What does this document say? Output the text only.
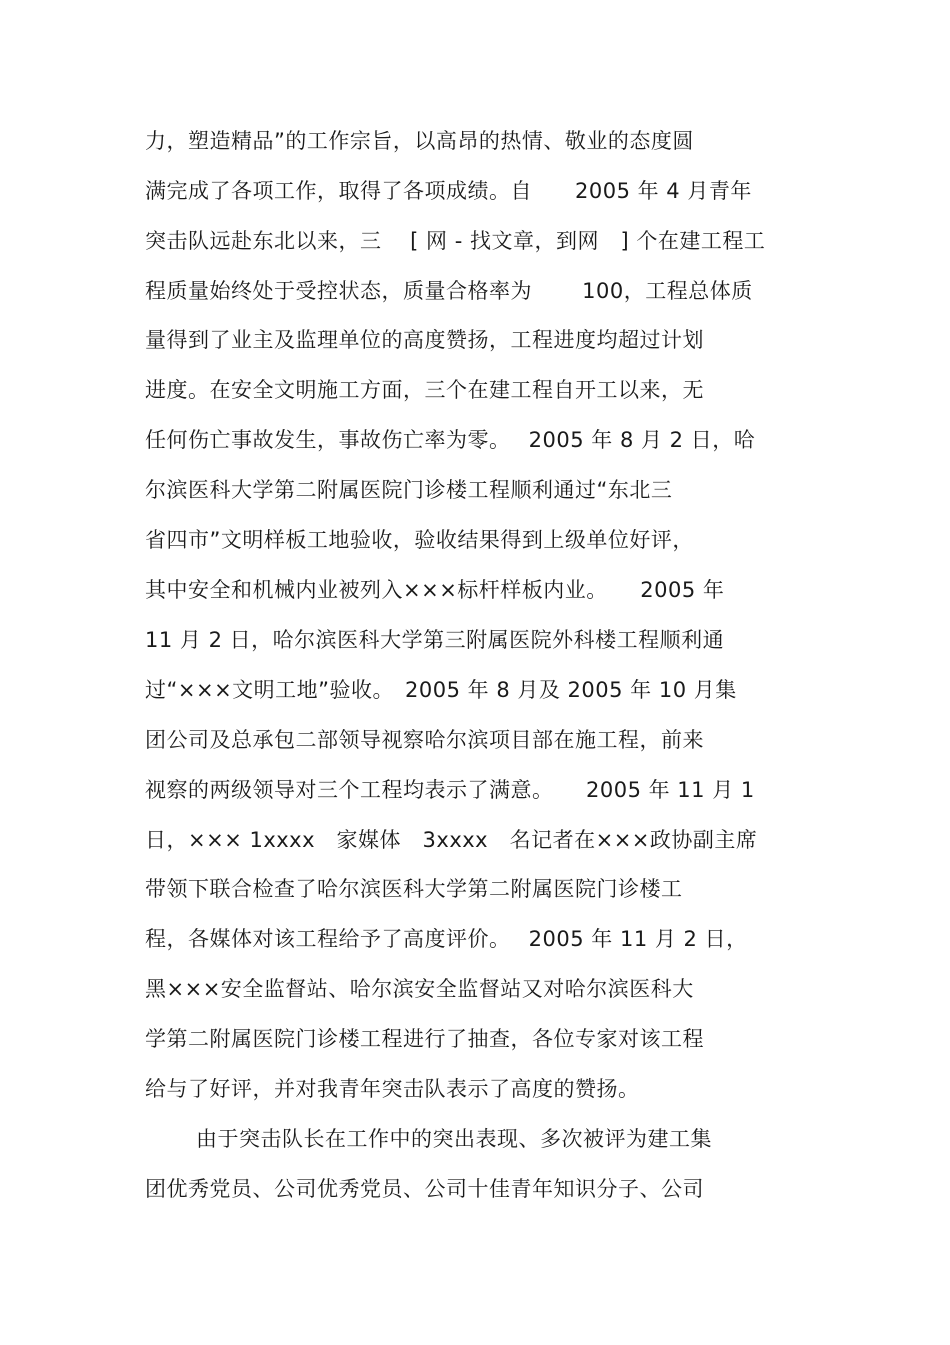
力，塑造精品”的工作宗旨，以高昂的热情、敬业的态度圆
满完成了各项工作，取得了各项成绩。自　　2005 年 4 月青年
突击队远赴东北以来，三　 [ 网 - 找文章，到网　] 个在建工程工
程质量始终处于受控状态，质量合格率为　　 100，工程总体质
量得到了业主及监理单位的高度赞扬，工程进度均超过计划
进度。在安全文明施工方面，三个在建工程自开工以来，无
任何伤亡事故发生，事故伤亡率为零。　 2005 年 8 月 2 日，哈
尔滨医科大学第二附属医院门诊楼工程顺利通过“东北三
省四市”文明样板工地验收，验收结果得到上级单位好评，
其中安全和机械内业被列入×××标杆样板内业。　　2005 年
11 月 2 日，哈尔滨医科大学第三附属医院外科楼工程顺利通
过“×××文明工地”验收。　2005 年 8 月及 2005 年 10 月集
团公司及总承包二部领导视察哈尔滨项目部在施工程，前来
视察的两级领导对三个工程均表示了满意。　　2005 年 11 月 1
日，××× 1xxxx　家媒体　3xxxx　名记者在×××政协副主席
带领下联合检查了哈尔滨医科大学第二附属医院门诊楼工
程，各媒体对该工程给予了高度评价。　 2005 年 11 月 2 日，
黑×××安全监督站、哈尔滨安全监督站又对哈尔滨医科大
学第二附属医院门诊楼工程进行了抽查，各位专家对该工程
给与了好评，并对我青年突击队表示了高度的赞扬。
由于突击队长在工作中的突出表现、多次被评为建工集
团优秀党员、公司优秀党员、公司十佳青年知识分子、公司
